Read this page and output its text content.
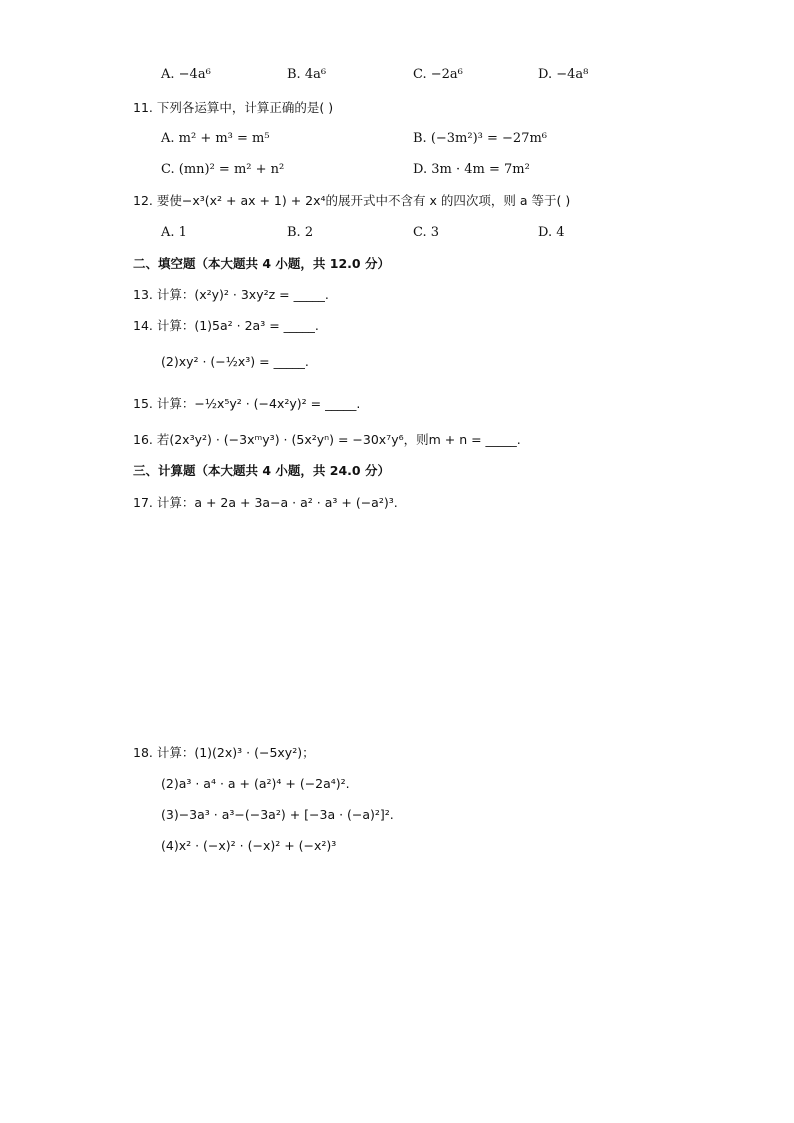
A. −4a⁶	B. 4a⁶	C. −2a⁶	D. −4a⁸
11. 下列各运算中，计算正确的是( )
A. m² + m³ = m⁵	B. (−3m²)³ = −27m⁶
C. (mn)² = m² + n²	D. 3m · 4m = 7m²
12. 要使−x³(x² + ax + 1) + 2x⁴的展开式中不含有 x 的四次项，则 a 等于( )
A. 1	B. 2	C. 3	D. 4
二、填空题（本大题共 4 小题，共 12.0 分）
13. 计算：(x²y)² · 3xy²z = _____.
14. 计算：(1)5a² · 2a³ = _____.
(2)xy² · (−½x³) = _____.
15. 计算：−½x⁵y² · (−4x²y)² = _____.
16. 若(2x³y²) · (−3xᵐy³) · (5x²yⁿ) = −30x⁷y⁶，则m + n = _____.
三、计算题（本大题共 4 小题，共 24.0 分）
17. 计算：a + 2a + 3a−a · a² · a³ + (−a²)³.
18. 计算：(1)(2x)³ · (−5xy²)；
(2)a³ · a⁴ · a + (a²)⁴ + (−2a⁴)².
(3)−3a³ · a³−(−3a²) + [−3a · (−a)²]².
(4)x² · (−x)² · (−x)² + (−x²)³
